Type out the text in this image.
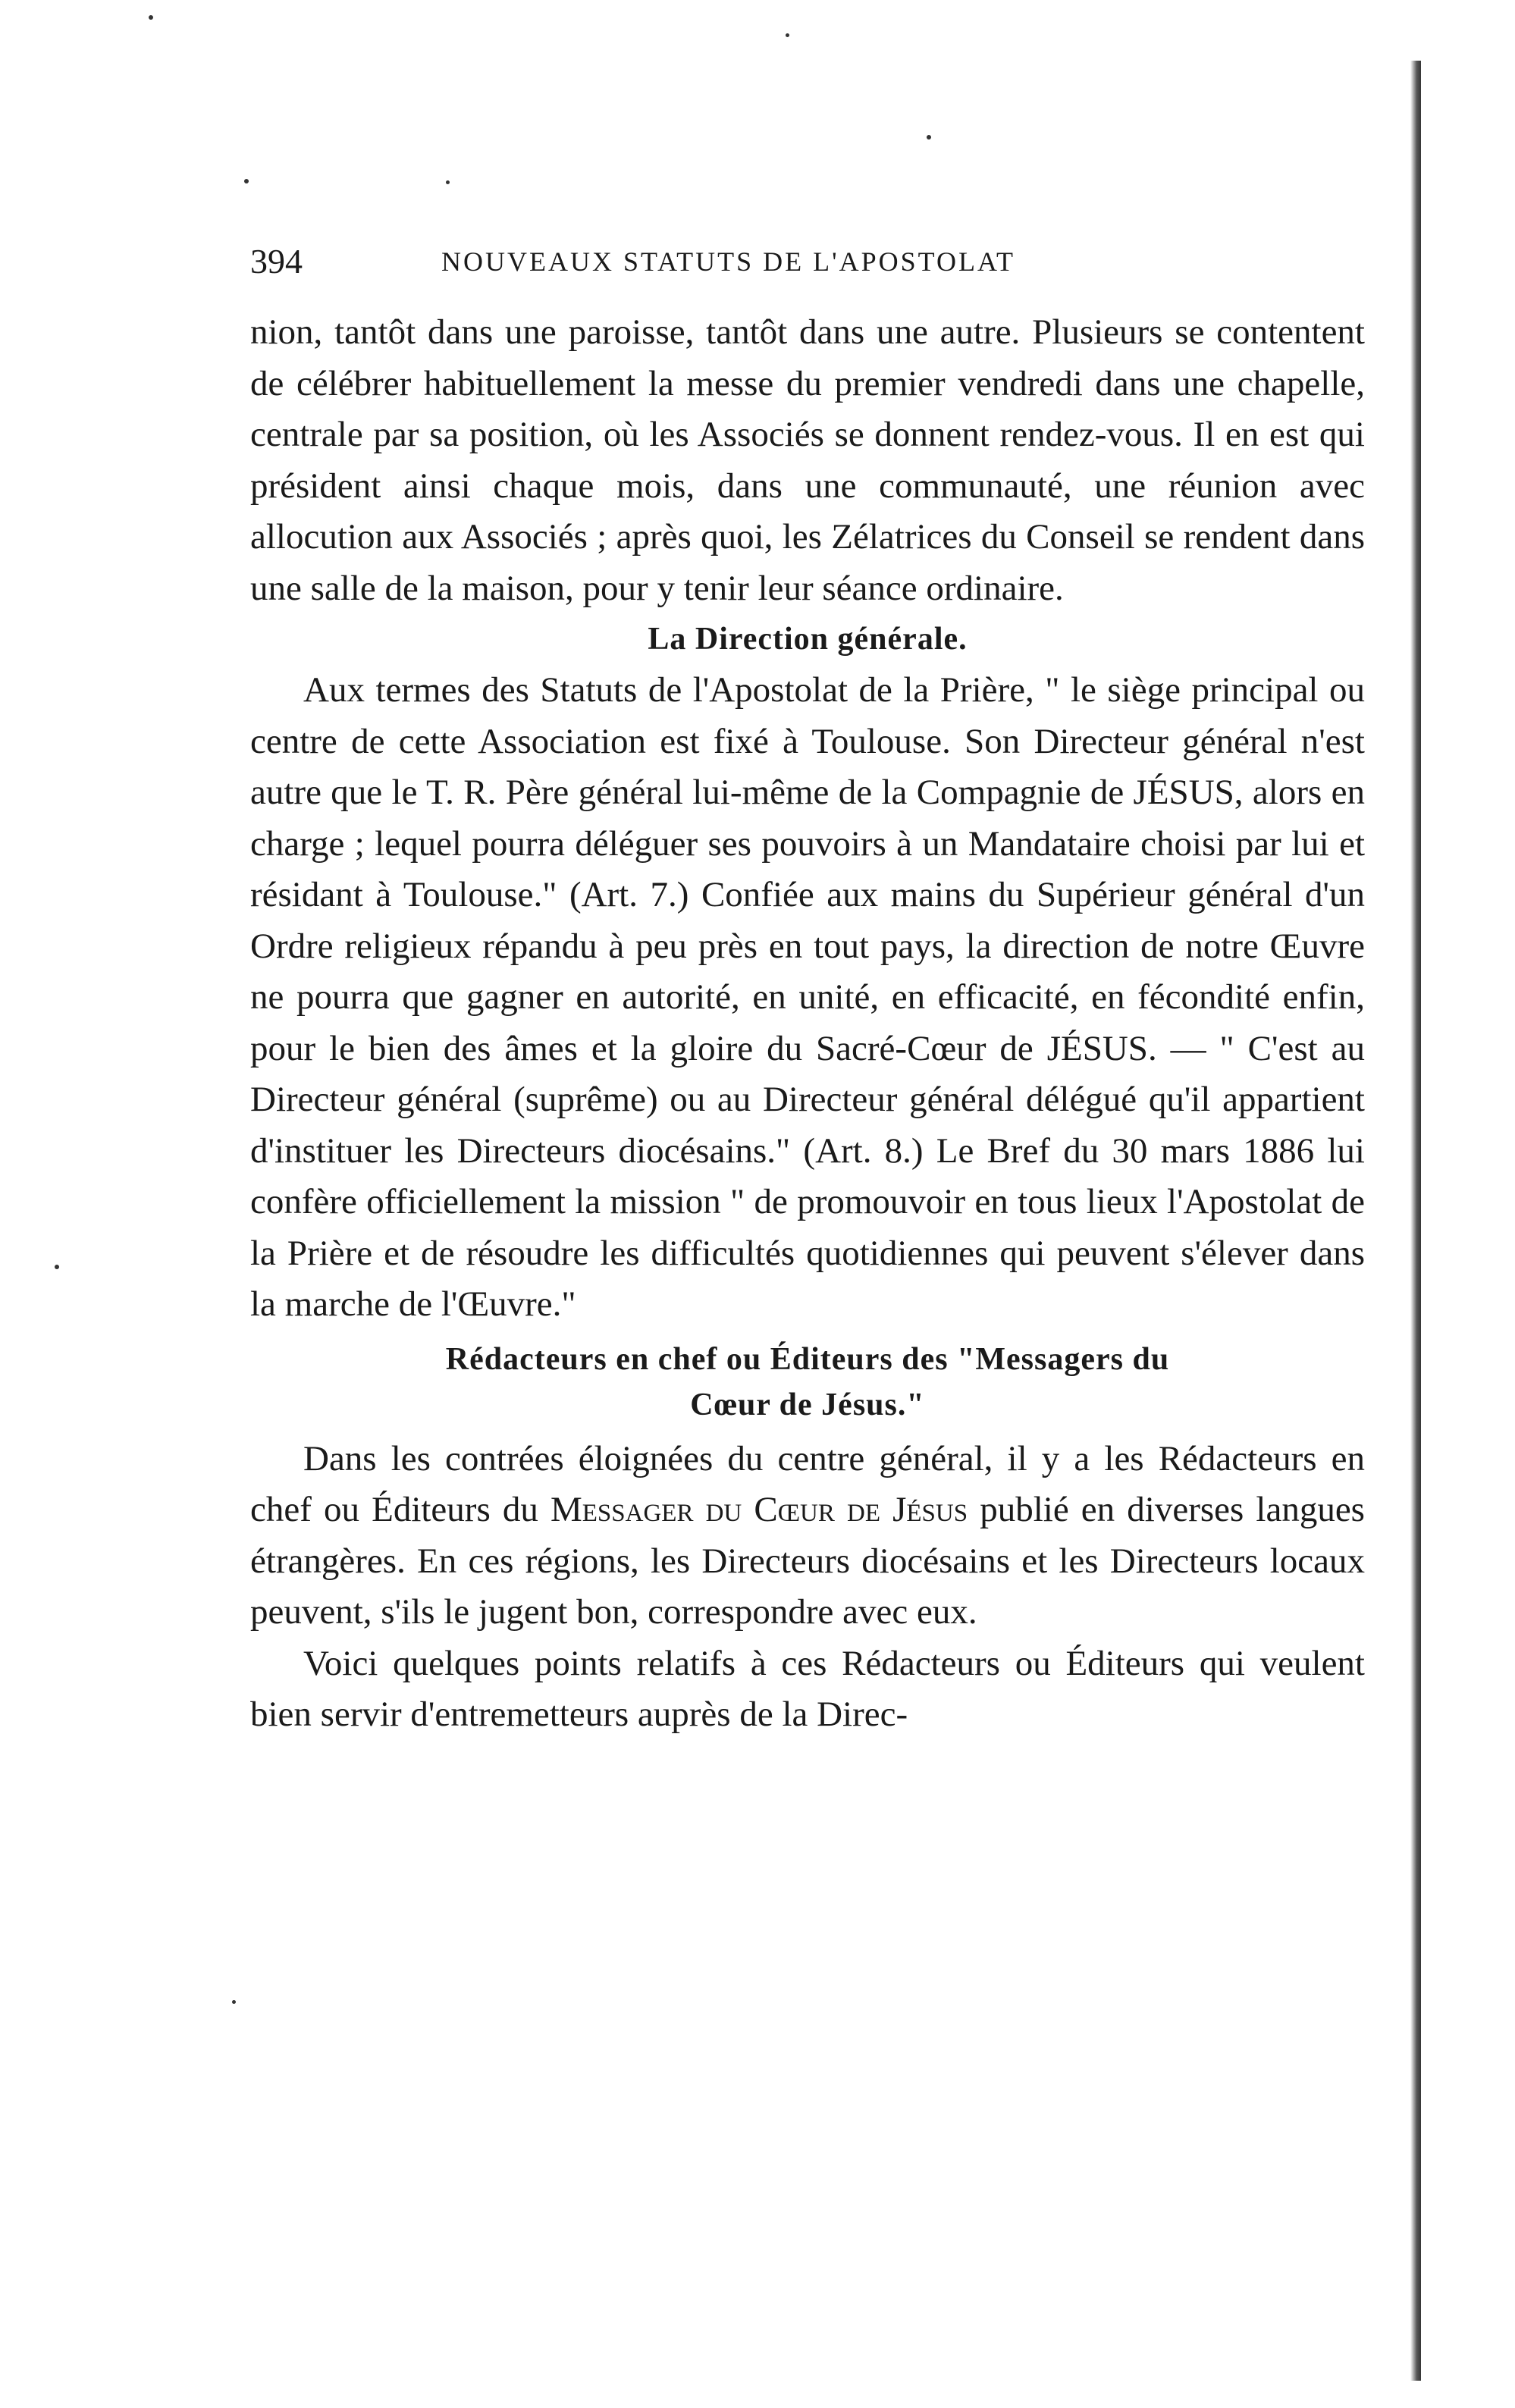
394	NOUVEAUX STATUTS DE L'APOSTOLAT

nion, tantôt dans une paroisse, tantôt dans une autre. Plusieurs se contentent de célébrer habituellement la messe du premier vendredi dans une chapelle, centrale par sa position, où les Associés se donnent rendez-vous. Il en est qui président ainsi chaque mois, dans une communauté, une réunion avec allocution aux Associés ; après quoi, les Zélatrices du Conseil se rendent dans une salle de la maison, pour y tenir leur séance ordinaire.

La Direction générale.

Aux termes des Statuts de l'Apostolat de la Prière, " le siège principal ou centre de cette Association est fixé à Toulouse. Son Directeur général n'est autre que le T. R. Père général lui-même de la Compagnie de JÉSUS, alors en charge ; lequel pourra déléguer ses pouvoirs à un Mandataire choisi par lui et résidant à Toulouse." (Art. 7.) Confiée aux mains du Supérieur général d'un Ordre religieux répandu à peu près en tout pays, la direction de notre Œuvre ne pourra que gagner en autorité, en unité, en efficacité, en fécondité enfin, pour le bien des âmes et la gloire du Sacré-Cœur de JÉSUS. — " C'est au Directeur général (suprême) ou au Directeur général délégué qu'il appartient d'instituer les Directeurs diocésains." (Art. 8.) Le Bref du 30 mars 1886 lui confère officiellement la mission " de promouvoir en tous lieux l'Apostolat de la Prière et de résoudre les difficultés quotidiennes qui peuvent s'élever dans la marche de l'Œuvre."

Rédacteurs en chef ou Éditeurs des "Messagers du
Cœur de Jésus."

Dans les contrées éloignées du centre général, il y a les Rédacteurs en chef ou Éditeurs du Messager du Cœur de Jésus publié en diverses langues étrangères. En ces régions, les Directeurs diocésains et les Directeurs locaux peuvent, s'ils le jugent bon, correspondre avec eux.

Voici quelques points relatifs à ces Rédacteurs ou Éditeurs qui veulent bien servir d'entremetteurs auprès de la Direc-
